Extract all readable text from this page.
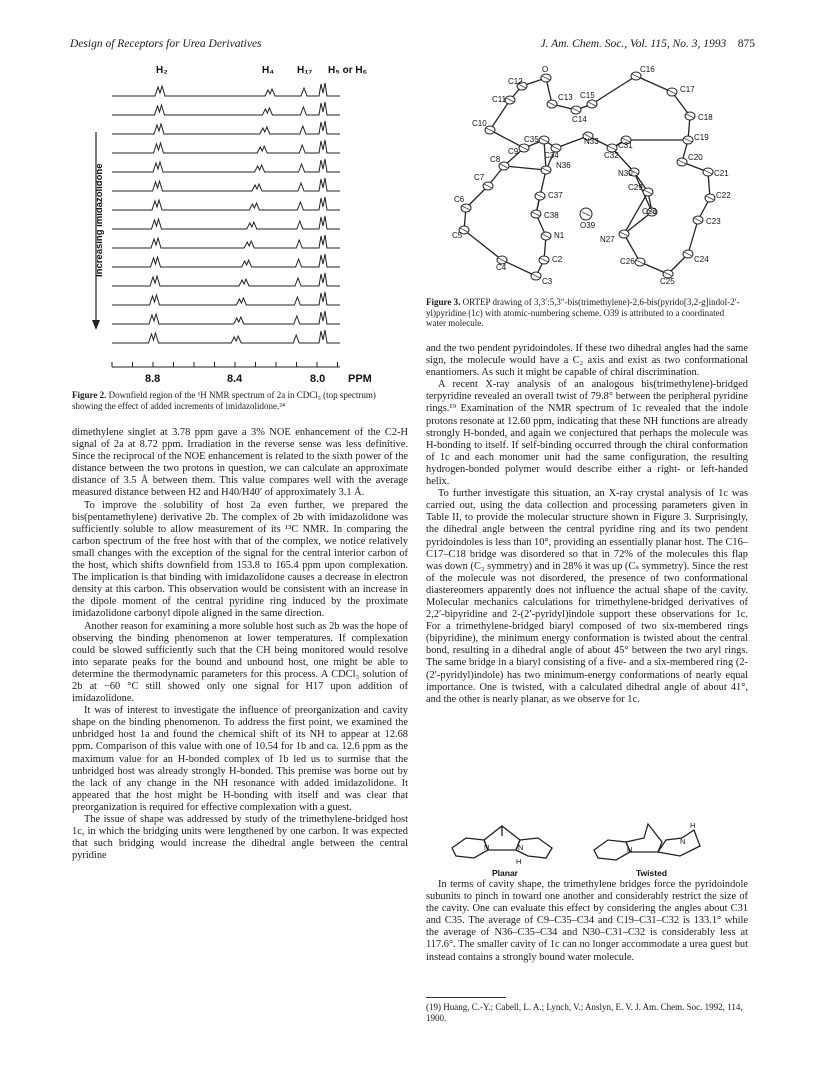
Design of Receptors for Urea Derivatives	J. Am. Chem. Soc., Vol. 115, No. 3, 1993 875
H₂	H₄ H₁₇ H₅ or H₆
Increasing imidazolidone
8.8	8.4	8.0 PPM
Figure 2. Downfield region of the ¹H NMR spectrum of 2a in CDCl₃ (top spectrum) showing the effect of added increments of imidazolidone.²⁴

dimethylene singlet at 3.78 ppm gave a 3% NOE enhancement of the C2-H signal of 2a at 8.72 ppm. Irradiation in the reverse sense was less definitive. Since the reciprocal of the NOE enhancement is related to the sixth power of the distance between the two protons in question, we can calculate an approximate distance of 3.5 Å between them. This value compares well with the average measured distance between H2 and H40/H40′ of approximately 3.1 Å.

To improve the solubility of host 2a even further, we prepared the bis(pentamethylene) derivative 2b. The complex of 2b with imidazolidone was sufficiently soluble to allow measurement of its ¹³C NMR. In comparing the carbon spectrum of the free host with that of the complex, we notice relatively small changes with the exception of the signal for the central interior carbon of the host, which shifts downfield from 153.8 to 165.4 ppm upon complexation. The implication is that binding with imidazolidone causes a decrease in electron density at this carbon. This observation would be consistent with an increase in the dipole moment of the central pyridine ring induced by the proximate imidazolidone carbonyl dipole aligned in the same direction.

Another reason for examining a more soluble host such as 2b was the hope of observing the binding phenomenon at lower temperatures. If complexation could be slowed sufficiently such that the CH being monitored would resolve into separate peaks for the bound and unbound host, one might be able to determine the thermodynamic parameters for this process. A CDCl₃ solution of 2b at −60 °C still showed only one signal for H17 upon addition of imidazolidone.

It was of interest to investigate the influence of preorganization and cavity shape on the binding phenomenon. To address the first point, we examined the unbridged host 1a and found the chemical shift of its NH to appear at 12.68 ppm. Comparison of this value with one of 10.54 for 1b and ca. 12.6 ppm as the maximum value for an H-bonded complex of 1b led us to surmise that the unbridged host was already strongly H-bonded. This premise was borne out by the lack of any change in the NH resonance with added imidazolidone. It appeared that the host might be H-bonding with itself and was clear that preorganization is required for effective complexation with a guest.

The issue of shape was addressed by study of the trimethylene-bridged host 1c, in which the bridging units were lengthened by one carbon. It was expected that such bridging would increase the dihedral angle between the central pyridine

C16
C12
O
C11	C13 C15
C17
C14	C18
C10
C35	N33 C31
C19
C9	C34	C32	C20
C8
N36
N30	C21
C7
C37
C29
C22
C6
C38	C28
C23
C5
O39
N1	N27
C2	C26	C24
C4
C3	C25
Figure 3. ORTEP drawing of 3,3′:5,3″-bis(trimethylene)-2,6-bis(pyrido[3,2-g]indol-2′-yl)pyridine (1c) with atomic-numbering scheme. O39 is attributed to a coordinated water molecule.

and the two pendent pyridoindoles. If these two dihedral angles had the same sign, the molecule would have a C₂ axis and exist as two conformational enantiomers. As such it might be capable of chiral discrimination.

A recent X-ray analysis of an analogous bis(trimethylene)-bridged terpyridine revealed an overall twist of 79.8° between the peripheral pyridine rings.¹⁹ Examination of the NMR spectrum of 1c revealed that the indole protons resonate at 12.60 ppm, indicating that these NH functions are already strongly H-bonded, and again we conjectured that perhaps the molecule was H-bonding to itself. If self-binding occurred through the chiral conformation of 1c and each monomer unit had the same configuration, the resulting hydrogen-bonded polymer would describe either a right- or left-handed helix.

To further investigate this situation, an X-ray crystal analysis of 1c was carried out, using the data collection and processing parameters given in Table II, to provide the molecular structure shown in Figure 3. Surprisingly, the dihedral angle between the central pyridine ring and its two pendent pyridoindoles is less than 10°, providing an essentially planar host. The C16–C17–C18 bridge was disordered so that in 72% of the molecules this flap was down (C₂ symmetry) and in 28% it was up (Cₛ symmetry). Since the rest of the molecule was not disordered, the presence of two conformational diastereomers apparently does not influence the actual shape of the cavity. Molecular mechanics calculations for trimethylene-bridged derivatives of 2,2′-bipyridine and 2-(2′-pyridyl)indole support these observations for 1c. For a trimethylene-bridged biaryl composed of two six-membered rings (bipyridine), the minimum energy conformation is twisted about the central bond, resulting in a dihedral angle of about 45° between the two aryl rings. The same bridge in a biaryl consisting of a five- and a six-membered ring (2-(2′-pyridyl)indole) has two minimum-energy conformations of nearly equal importance. One is twisted, with a calculated dihedral angle of about 41°, and the other is nearly planar, as we observe for 1c.

N	N
H
N
N
H
Planar	Twisted

In terms of cavity shape, the trimethylene bridges force the pyridoindole subunits to pinch in toward one another and considerably restrict the size of the cavity. One can evaluate this effect by considering the angles about C31 and C35. The average of C9–C35–C34 and C19–C31–C32 is 133.1° while the average of N36–C35–C34 and N30–C31–C32 is considerably less at 117.6°. The smaller cavity of 1c can no longer accommodate a urea guest but instead contains a strongly bound water molecule.

(19) Huang, C.-Y.; Cabell, L. A.; Lynch, V.; Anslyn, E. V. J. Am. Chem. Soc. 1992, 114, 1900.
